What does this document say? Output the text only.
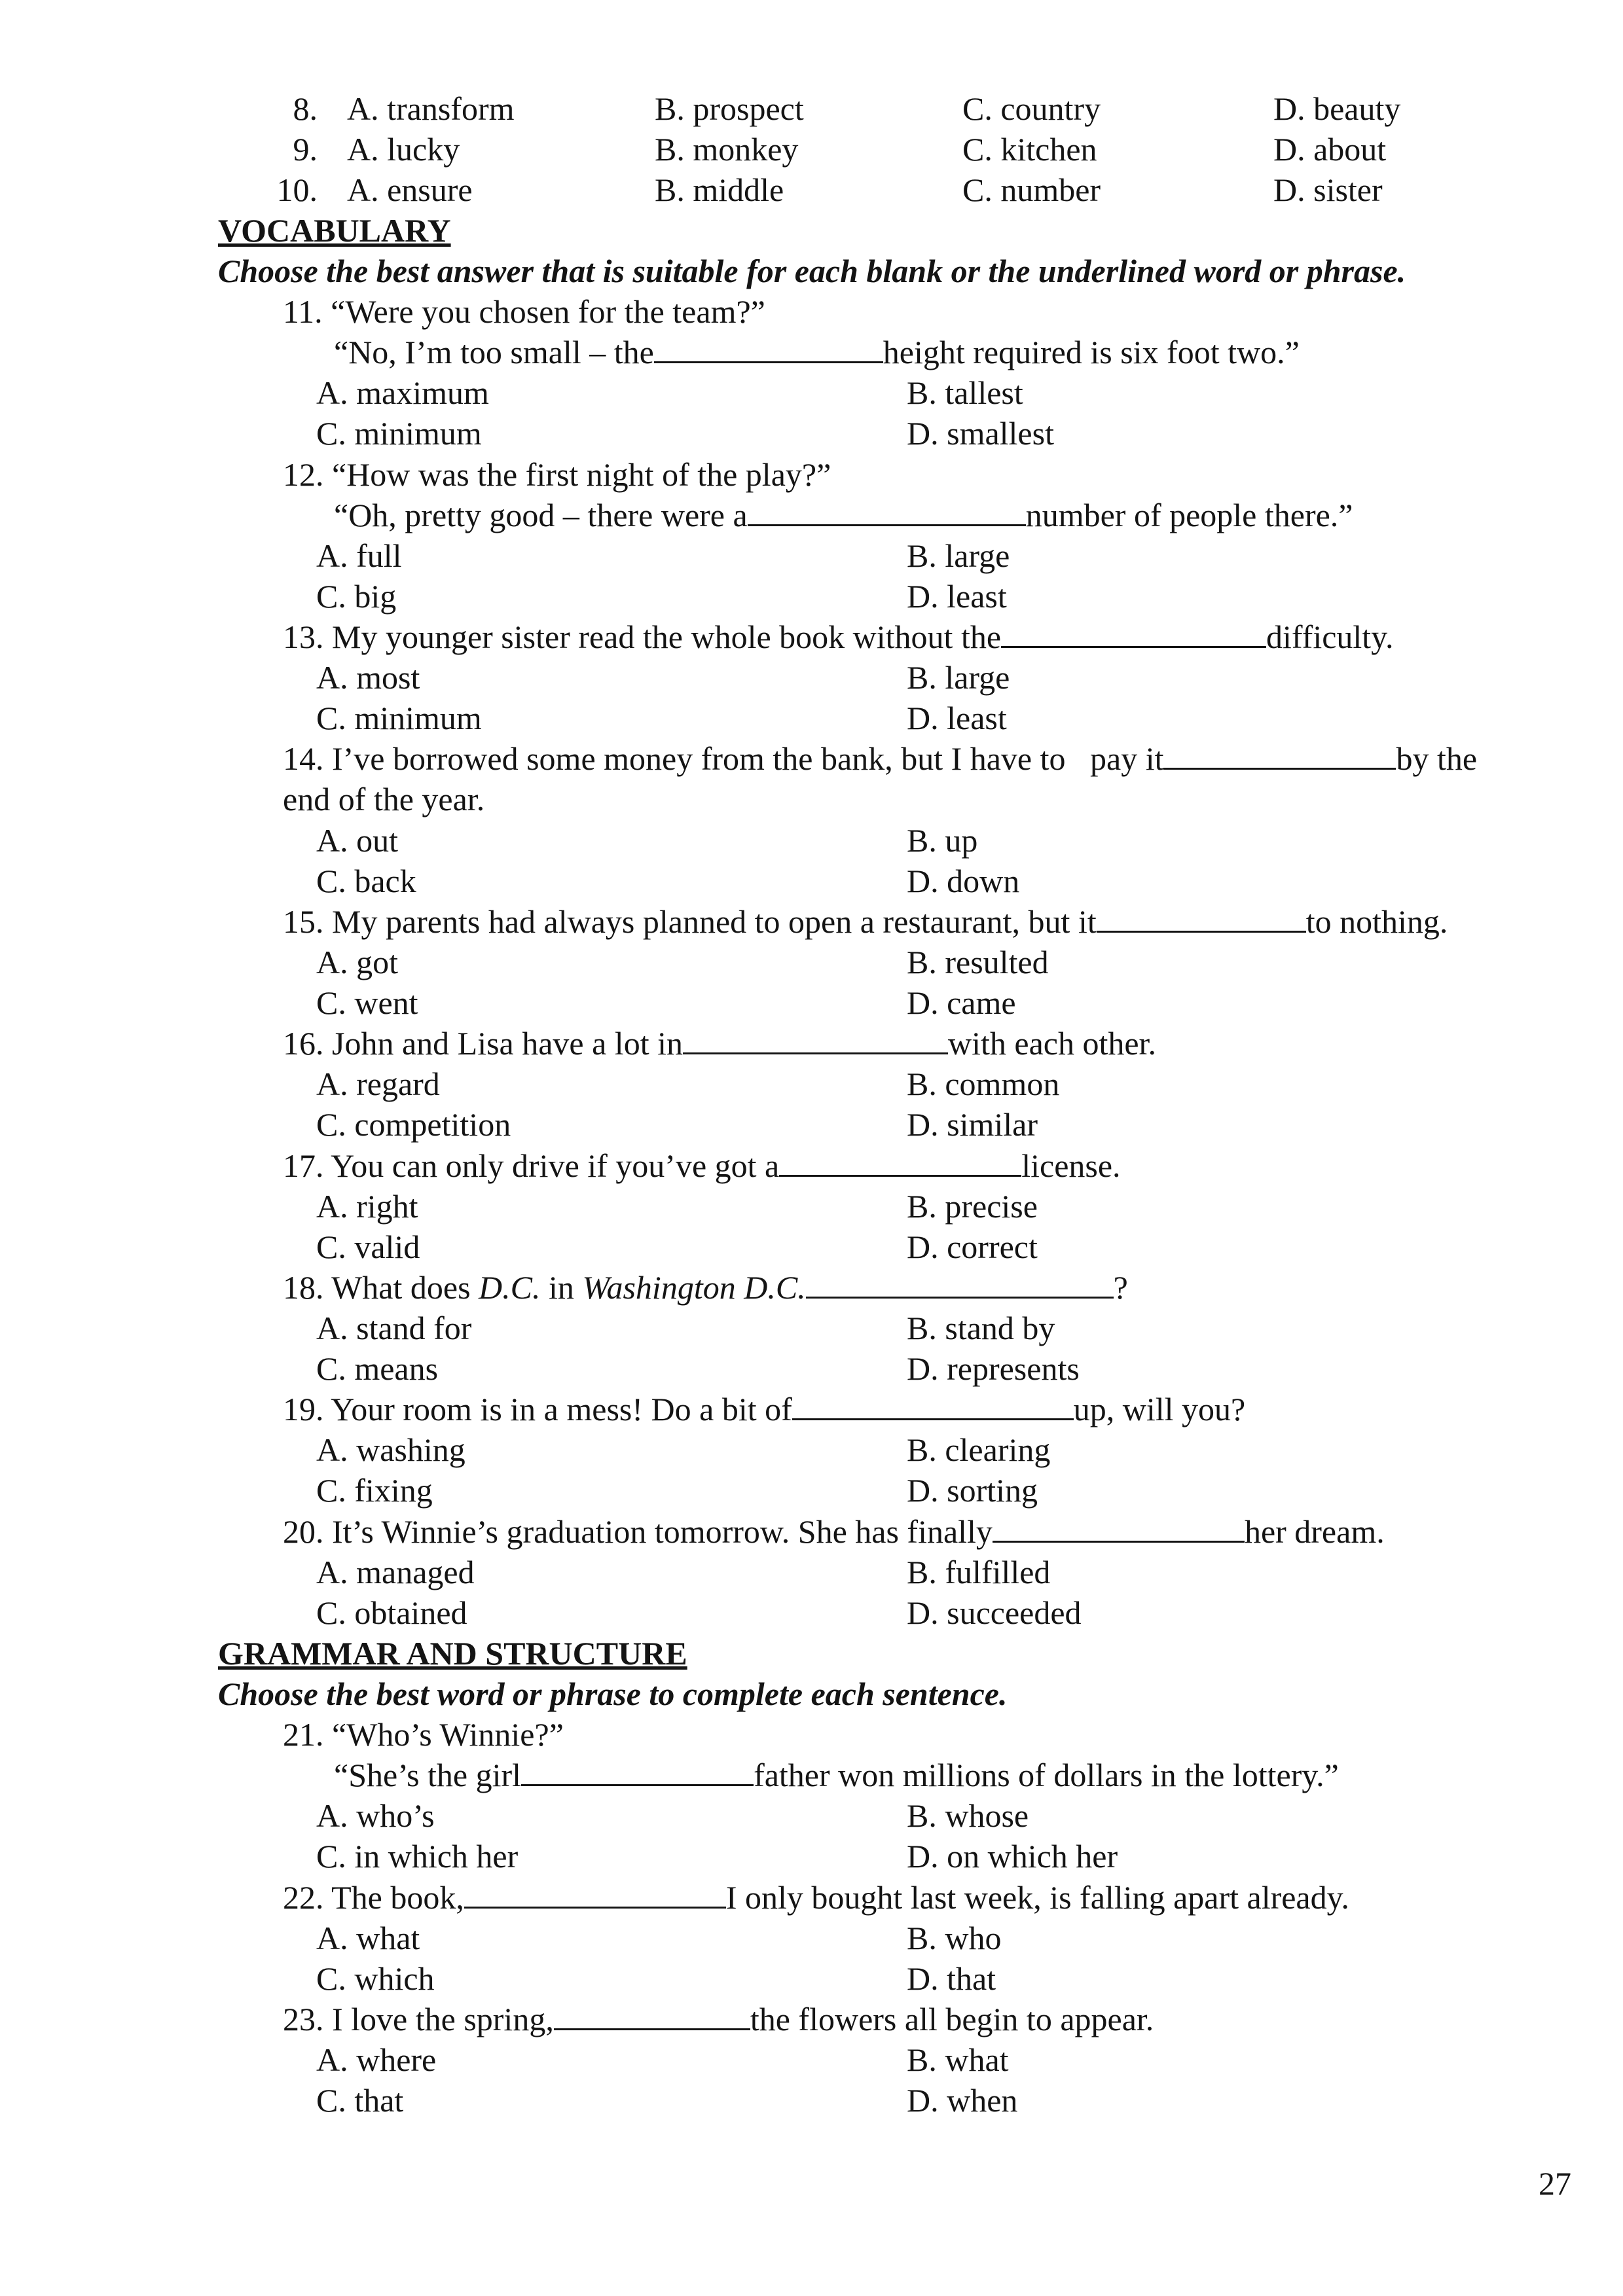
8. A. transform	B. prospect	C. country	D. beauty
9. A. lucky	B. monkey	C. kitchen	D. about
10. A. ensure	B. middle	C. number	D. sister
VOCABULARY
Choose the best answer that is suitable for each blank or the underlined word or phrase.
11. “Were you chosen for the team?”
“No, I’m too small – the	height required is six foot two.”
A. maximum	B. tallest
C. minimum	D. smallest
12. “How was the first night of the play?”
“Oh, pretty good – there were a	number of people there.”
A. full	B. large
C. big	D. least
13. My younger sister read the whole book without the	difficulty.
A. most	B. large
C. minimum	D. least
14. I’ve borrowed some money from the bank, but I have to   pay it	by the
end of the year.
A. out	B. up
C. back	D. down
15. My parents had always planned to open a restaurant, but it	to nothing.
A. got	B. resulted
C. went	D. came
16. John and Lisa have a lot in	with each other.
A. regard	B. common
C. competition	D. similar
17. You can only drive if you’ve got a	license.
A. right	B. precise
C. valid	D. correct
18. What does D.C. in Washington D.C.	?
A. stand for	B. stand by
C. means	D. represents
19. Your room is in a mess! Do a bit of	up, will you?
A. washing	B. clearing
C. fixing	D. sorting
20. It’s Winnie’s graduation tomorrow. She has finally	her dream.
A. managed	B. fulfilled
C. obtained	D. succeeded
GRAMMAR AND STRUCTURE
Choose the best word or phrase to complete each sentence.
21. “Who’s Winnie?”
“She’s the girl	father won millions of dollars in the lottery.”
A. who’s	B. whose
C. in which her	D. on which her
22. The book,	I only bought last week, is falling apart already.
A. what	B. who
C. which	D. that
23. I love the spring,	the flowers all begin to appear.
A. where	B. what
C. that	D. when
27
